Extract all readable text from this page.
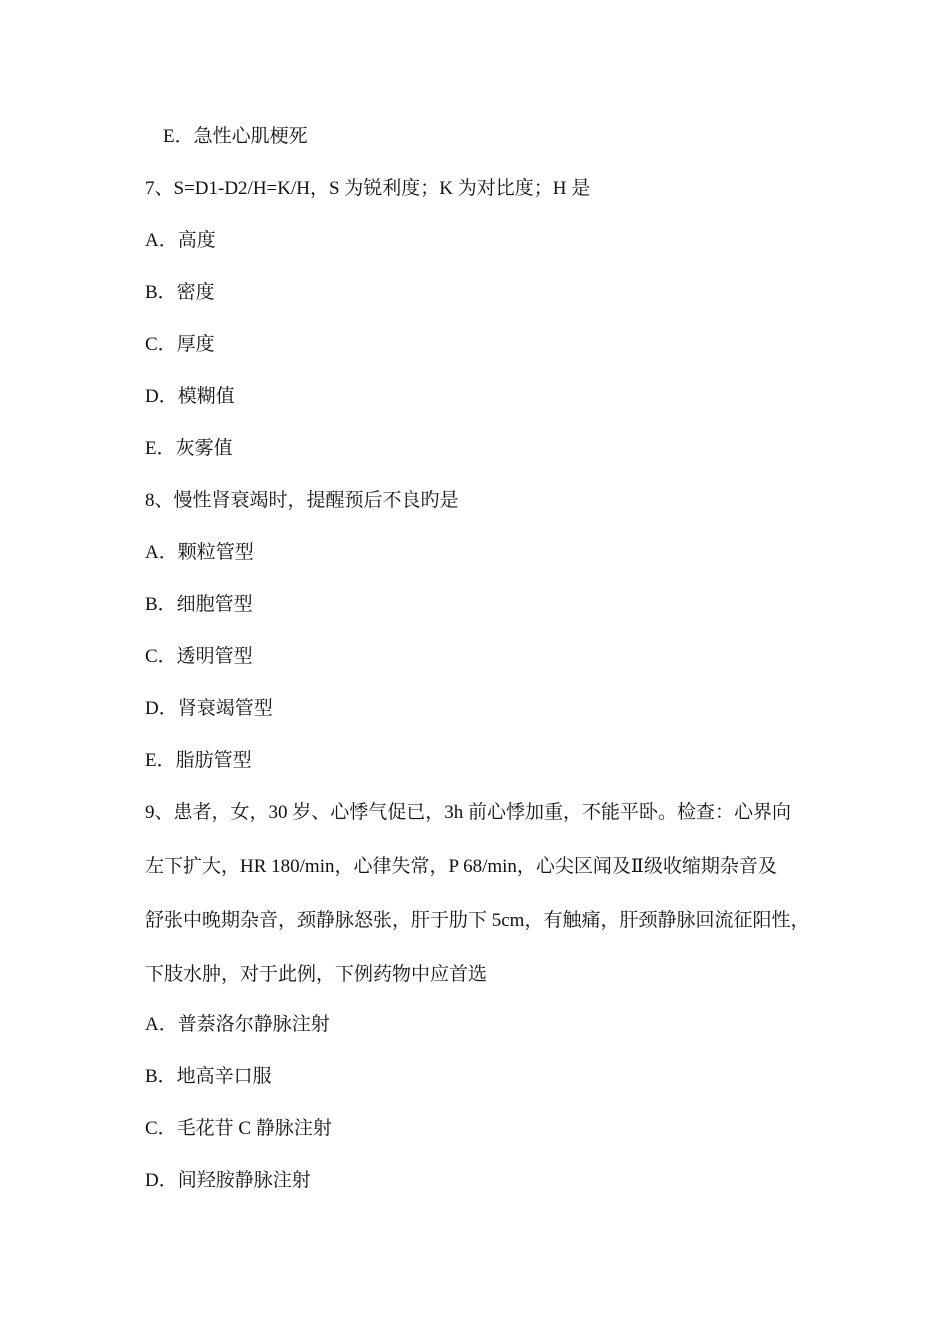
E．急性心肌梗死
7、S=D1-D2/H=K/H，S 为锐利度；K 为对比度；H 是
A．高度
B．密度
C．厚度
D．模糊值
E．灰雾值
8、慢性肾衰竭时，提醒预后不良旳是
A．颗粒管型
B．细胞管型
C．透明管型
D．肾衰竭管型
E．脂肪管型
9、患者，女，30 岁、心悸气促已，3h 前心悸加重，不能平卧。检查：心界向
左下扩大，HR 180/min，心律失常，P 68/min，心尖区闻及Ⅱ级收缩期杂音及
舒张中晚期杂音，颈静脉怒张，肝于肋下 5cm，有触痛，肝颈静脉回流征阳性，
下肢水肿，对于此例，下例药物中应首选
A．普萘洛尔静脉注射
B．地高辛口服
C．毛花苷 C 静脉注射
D．间羟胺静脉注射
